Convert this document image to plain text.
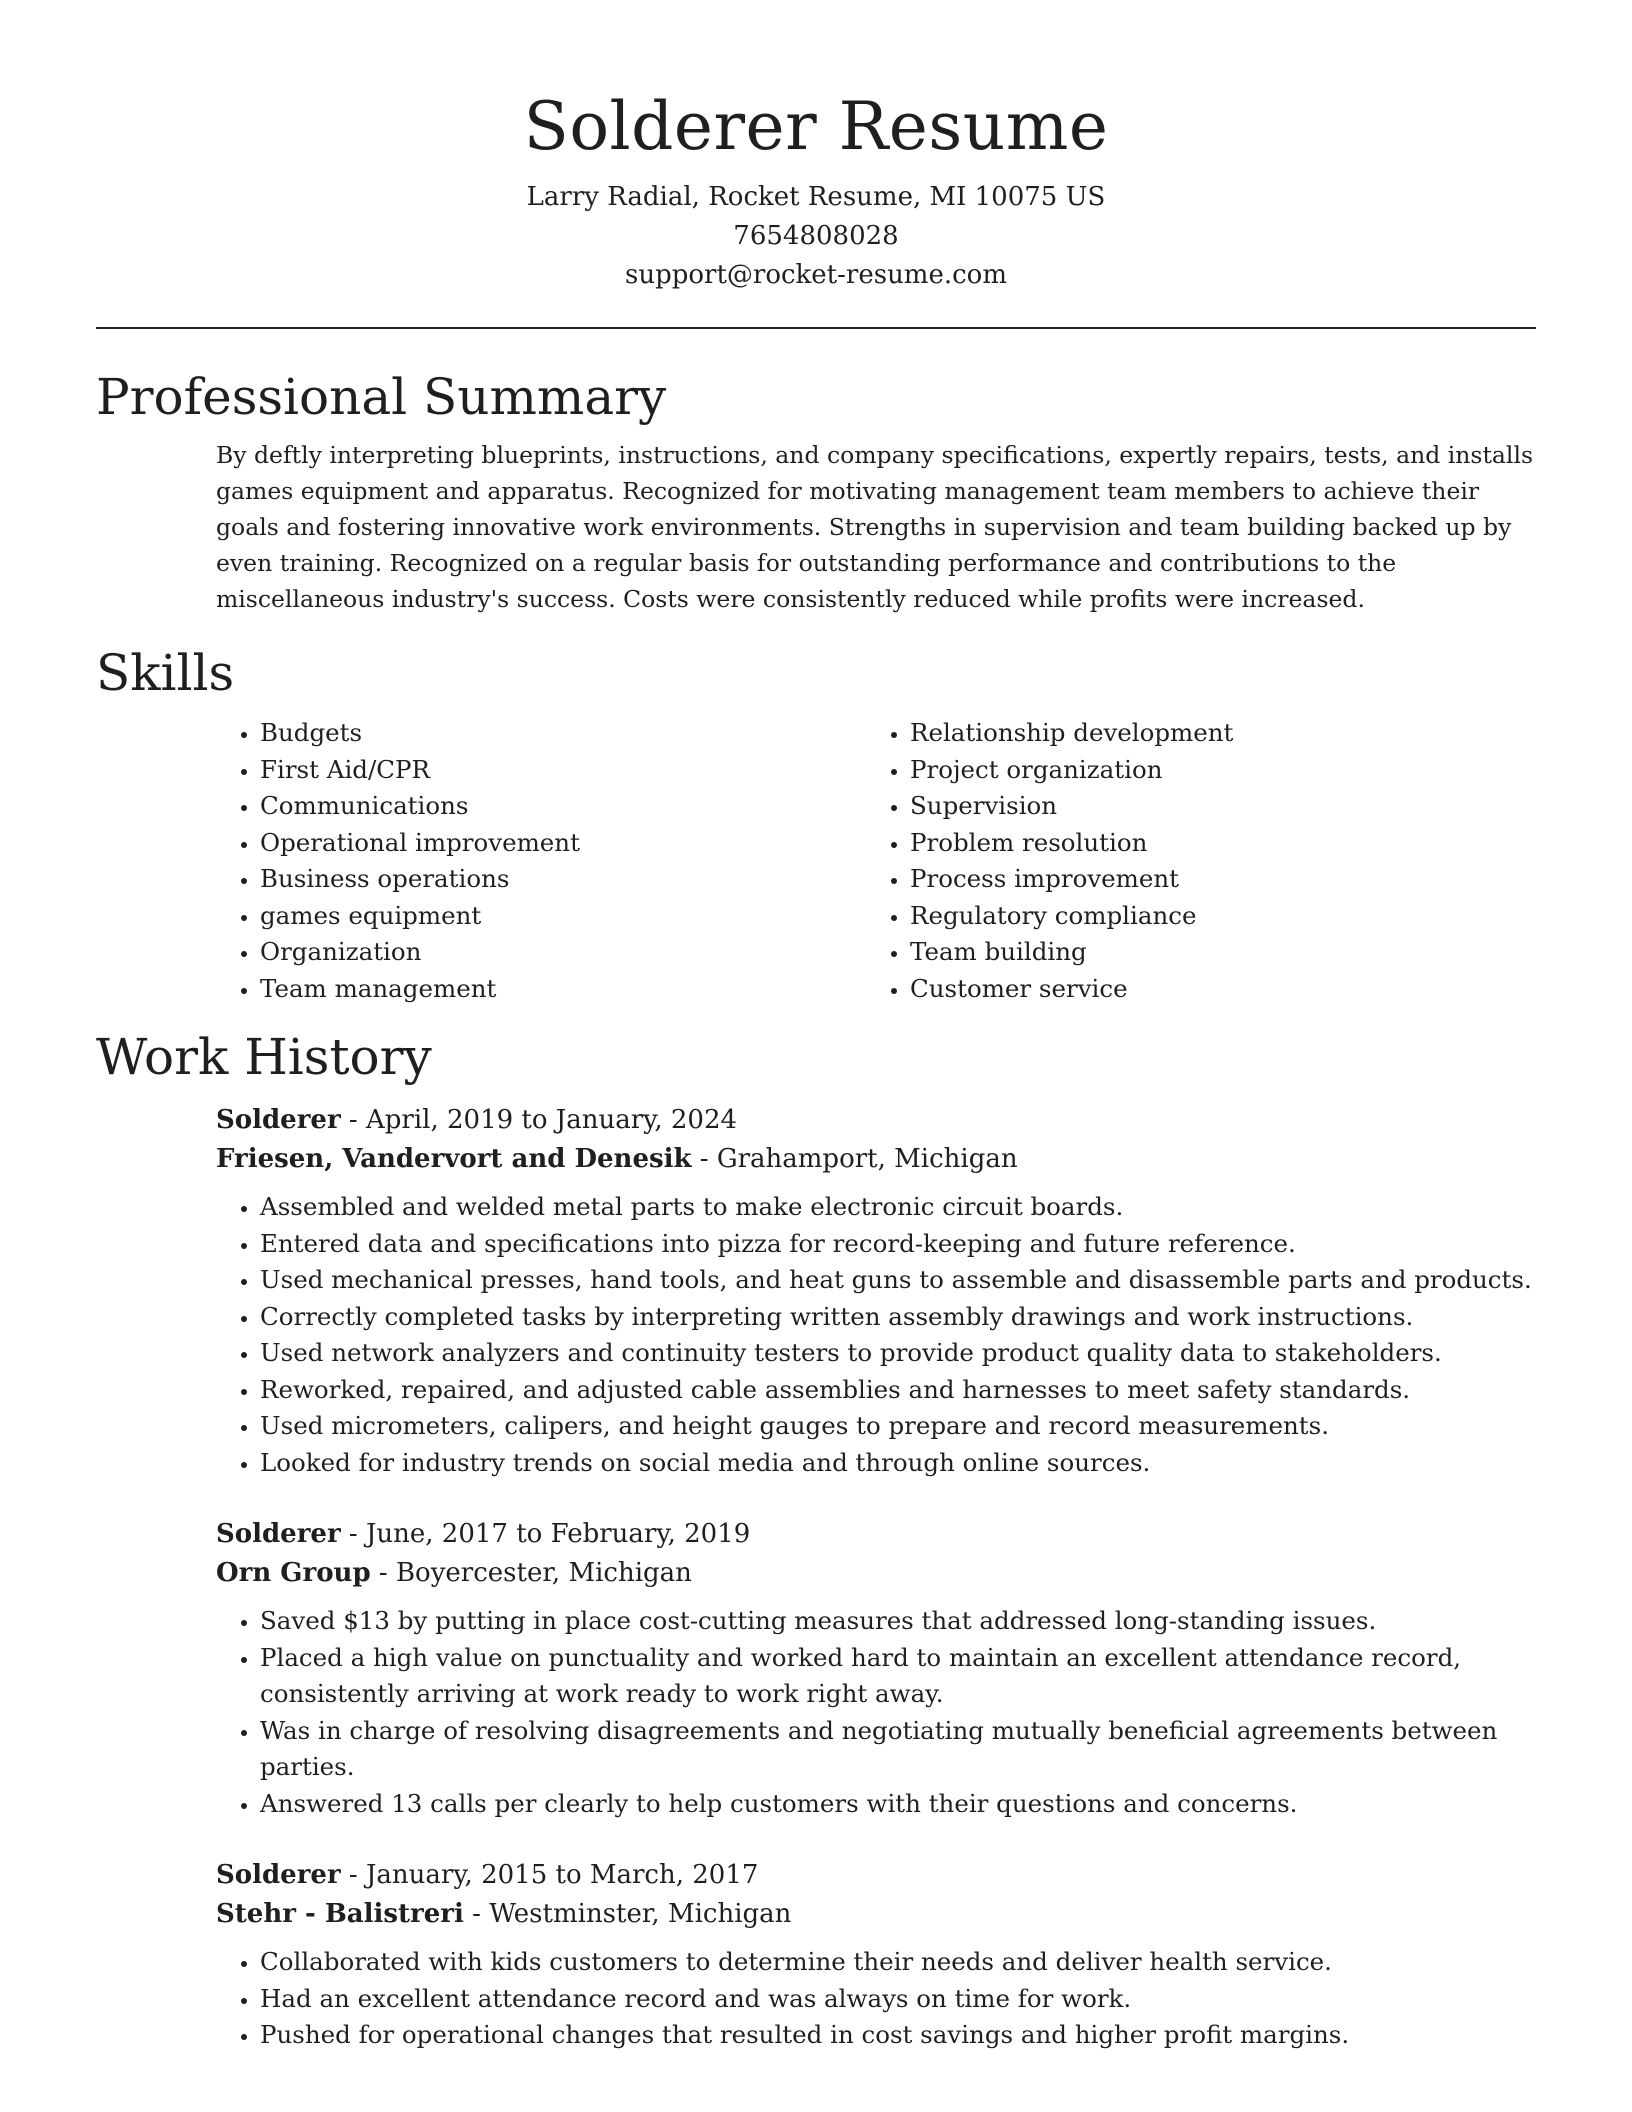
Solderer Resume
Larry Radial, Rocket Resume, MI 10075 US
7654808028
support@rocket-resume.com
Professional Summary
By deftly interpreting blueprints, instructions, and company specifications, expertly repairs, tests, and installs games equipment and apparatus. Recognized for motivating management team members to achieve their goals and fostering innovative work environments. Strengths in supervision and team building backed up by even training. Recognized on a regular basis for outstanding performance and contributions to the miscellaneous industry's success. Costs were consistently reduced while profits were increased.
Skills
• Budgets
• First Aid/CPR
• Communications
• Operational improvement
• Business operations
• games equipment
• Organization
• Team management
• Relationship development
• Project organization
• Supervision
• Problem resolution
• Process improvement
• Regulatory compliance
• Team building
• Customer service
Work History
Solderer - April, 2019 to January, 2024
Friesen, Vandervort and Denesik - Grahamport, Michigan
• Assembled and welded metal parts to make electronic circuit boards.
• Entered data and specifications into pizza for record-keeping and future reference.
• Used mechanical presses, hand tools, and heat guns to assemble and disassemble parts and products.
• Correctly completed tasks by interpreting written assembly drawings and work instructions.
• Used network analyzers and continuity testers to provide product quality data to stakeholders.
• Reworked, repaired, and adjusted cable assemblies and harnesses to meet safety standards.
• Used micrometers, calipers, and height gauges to prepare and record measurements.
• Looked for industry trends on social media and through online sources.
Solderer - June, 2017 to February, 2019
Orn Group - Boyercester, Michigan
• Saved $13 by putting in place cost-cutting measures that addressed long-standing issues.
• Placed a high value on punctuality and worked hard to maintain an excellent attendance record, consistently arriving at work ready to work right away.
• Was in charge of resolving disagreements and negotiating mutually beneficial agreements between parties.
• Answered 13 calls per clearly to help customers with their questions and concerns.
Solderer - January, 2015 to March, 2017
Stehr - Balistreri - Westminster, Michigan
• Collaborated with kids customers to determine their needs and deliver health service.
• Had an excellent attendance record and was always on time for work.
• Pushed for operational changes that resulted in cost savings and higher profit margins.
